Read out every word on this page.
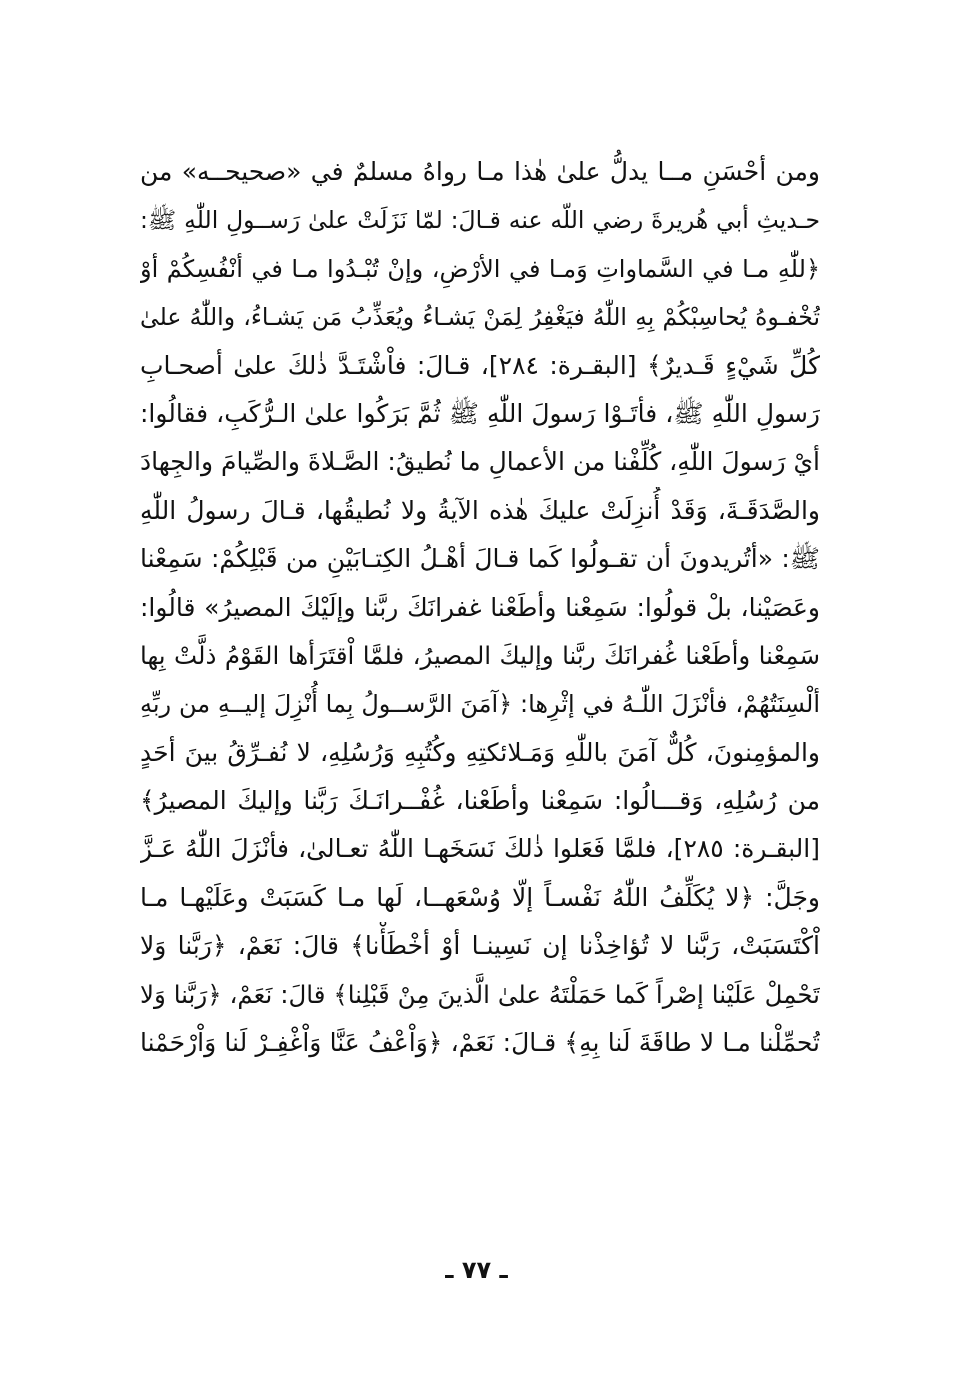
ومن أحْسَنِ مــا يدلُّ علىٰ هٰذا مـا رواهُ مسلمٌ في «صحيحــه» من
حـديثِ أبي هُريرةَ رضي اللّه عنه قـالَ: لمّا نَزَلَتْ علىٰ رَســولِ اللّٰهِ ﷺ:
﴿للّٰهِ مـا في السَّماواتِ وَمـا في الأرْضِ، وإنْ تُبْـدُوا مـا في أنْفُسِكُمْ أوْ
تُخْفـوهُ يُحاسِبْكُمْ بِهِ اللّٰهُ فيَغْفِرُ لِمَنْ يَشـاءُ ويُعَذِّبُ مَن يَشـاءُ، واللّٰهُ علىٰ
كُلِّ شَيْءٍ قَـديرٌ﴾ [البقـرة: ٢٨٤]، قـالَ: فاْشْتَـدَّ ذٰلكَ علىٰ أصحـابِ
رَسولِ اللّٰهِ ﷺ، فأتَـوْا رَسولَ اللّٰهِ ﷺ ثُمَّ بَرَكُوا علىٰ الـرُّكَبِ، فقالُوا:
أيْ رَسولَ اللّٰهِ، كُلِّفْنا من الأعمالِ ما نُطيقُ: الصَّـلاةَ والصِّيامَ والجِهادَ
والصَّدَقَـةَ، وَقَدْ أُنزِلَتْ عليكَ هٰذه الآيةُ ولا نُطيقُها، قـالَ رسولُ اللّٰهِ
ﷺ: «أتُريدونَ أن تقـولُوا كَما قـالَ أهْـلُ الكِتـابَيْنِ من قَبْلِكُمْ: سَمِعْنا
وعَصَيْنا، بلْ قولُوا: سَمِعْنا وأطَعْنا غفرانَكَ ربَّنا وإلَيْكَ المصيرُ» قالُوا:
سَمِعْنا وأطَعْنا غُفرانَكَ ربَّنا وإليكَ المصيرُ، فلمَّا اْقتَرَأها القَوْمُ ذلَّتْ بِها
ألْسِنَتُهُمْ، فأنْزَلَ اللّٰـهُ في إثْرِها: ﴿آمَنَ الرَّســولُ بِما أُنْزِلَ إليــهِ من ربِّهِ
والمؤمِنونَ، كُلٌّ آمَنَ باللّٰهِ وَمَـلائكتِهِ وكُتُبِهِ وَرُسُلِهِ، لا نُفـرِّقُ بينَ أحَدٍ
من رُسُلِهِ، وَقـــالُوا: سَمِعْنا وأطَعْنا، غُفْــرانَـكَ رَبَّنا وإليكَ المصيرُ﴾
[البقـرة: ٢٨٥]، فلمَّا فَعَلوا ذٰلكَ نَسَخَهـا اللّٰهُ تعـالىٰ، فأنْزَلَ اللّٰهُ عَـزَّ
وجَلَّ: ﴿لا يُكَلِّفُ اللّٰهُ نَفْسـاً إلّا وُسْعَهــا، لَها مـا كَسَبَتْ وعَلَيْهـا مـا
اْكْتَسَبَتْ، رَبَّنا لا تُؤاخِذْنا إن نَسِينـا أوْ أخْطَأْنا﴾ قالَ: نَعَمْ، ﴿رَبَّنا وَلا
تَحْمِلْ عَلَيْنا إصْراً كَما حَمَلْتَهُ علىٰ الَّذينَ مِنْ قَبْلِنا﴾ قالَ: نَعَمْ، ﴿رَبَّنا وَلا
تُحمِّلْنا مـا لا طاقَةَ لَنا بِهِ﴾ قـالَ: نَعَمْ، ﴿وَاْعْفُ عَنَّا وَاْغْفِـرْ لَنا وَاْرْحَمْنا
ـ ٧٧ ـ
